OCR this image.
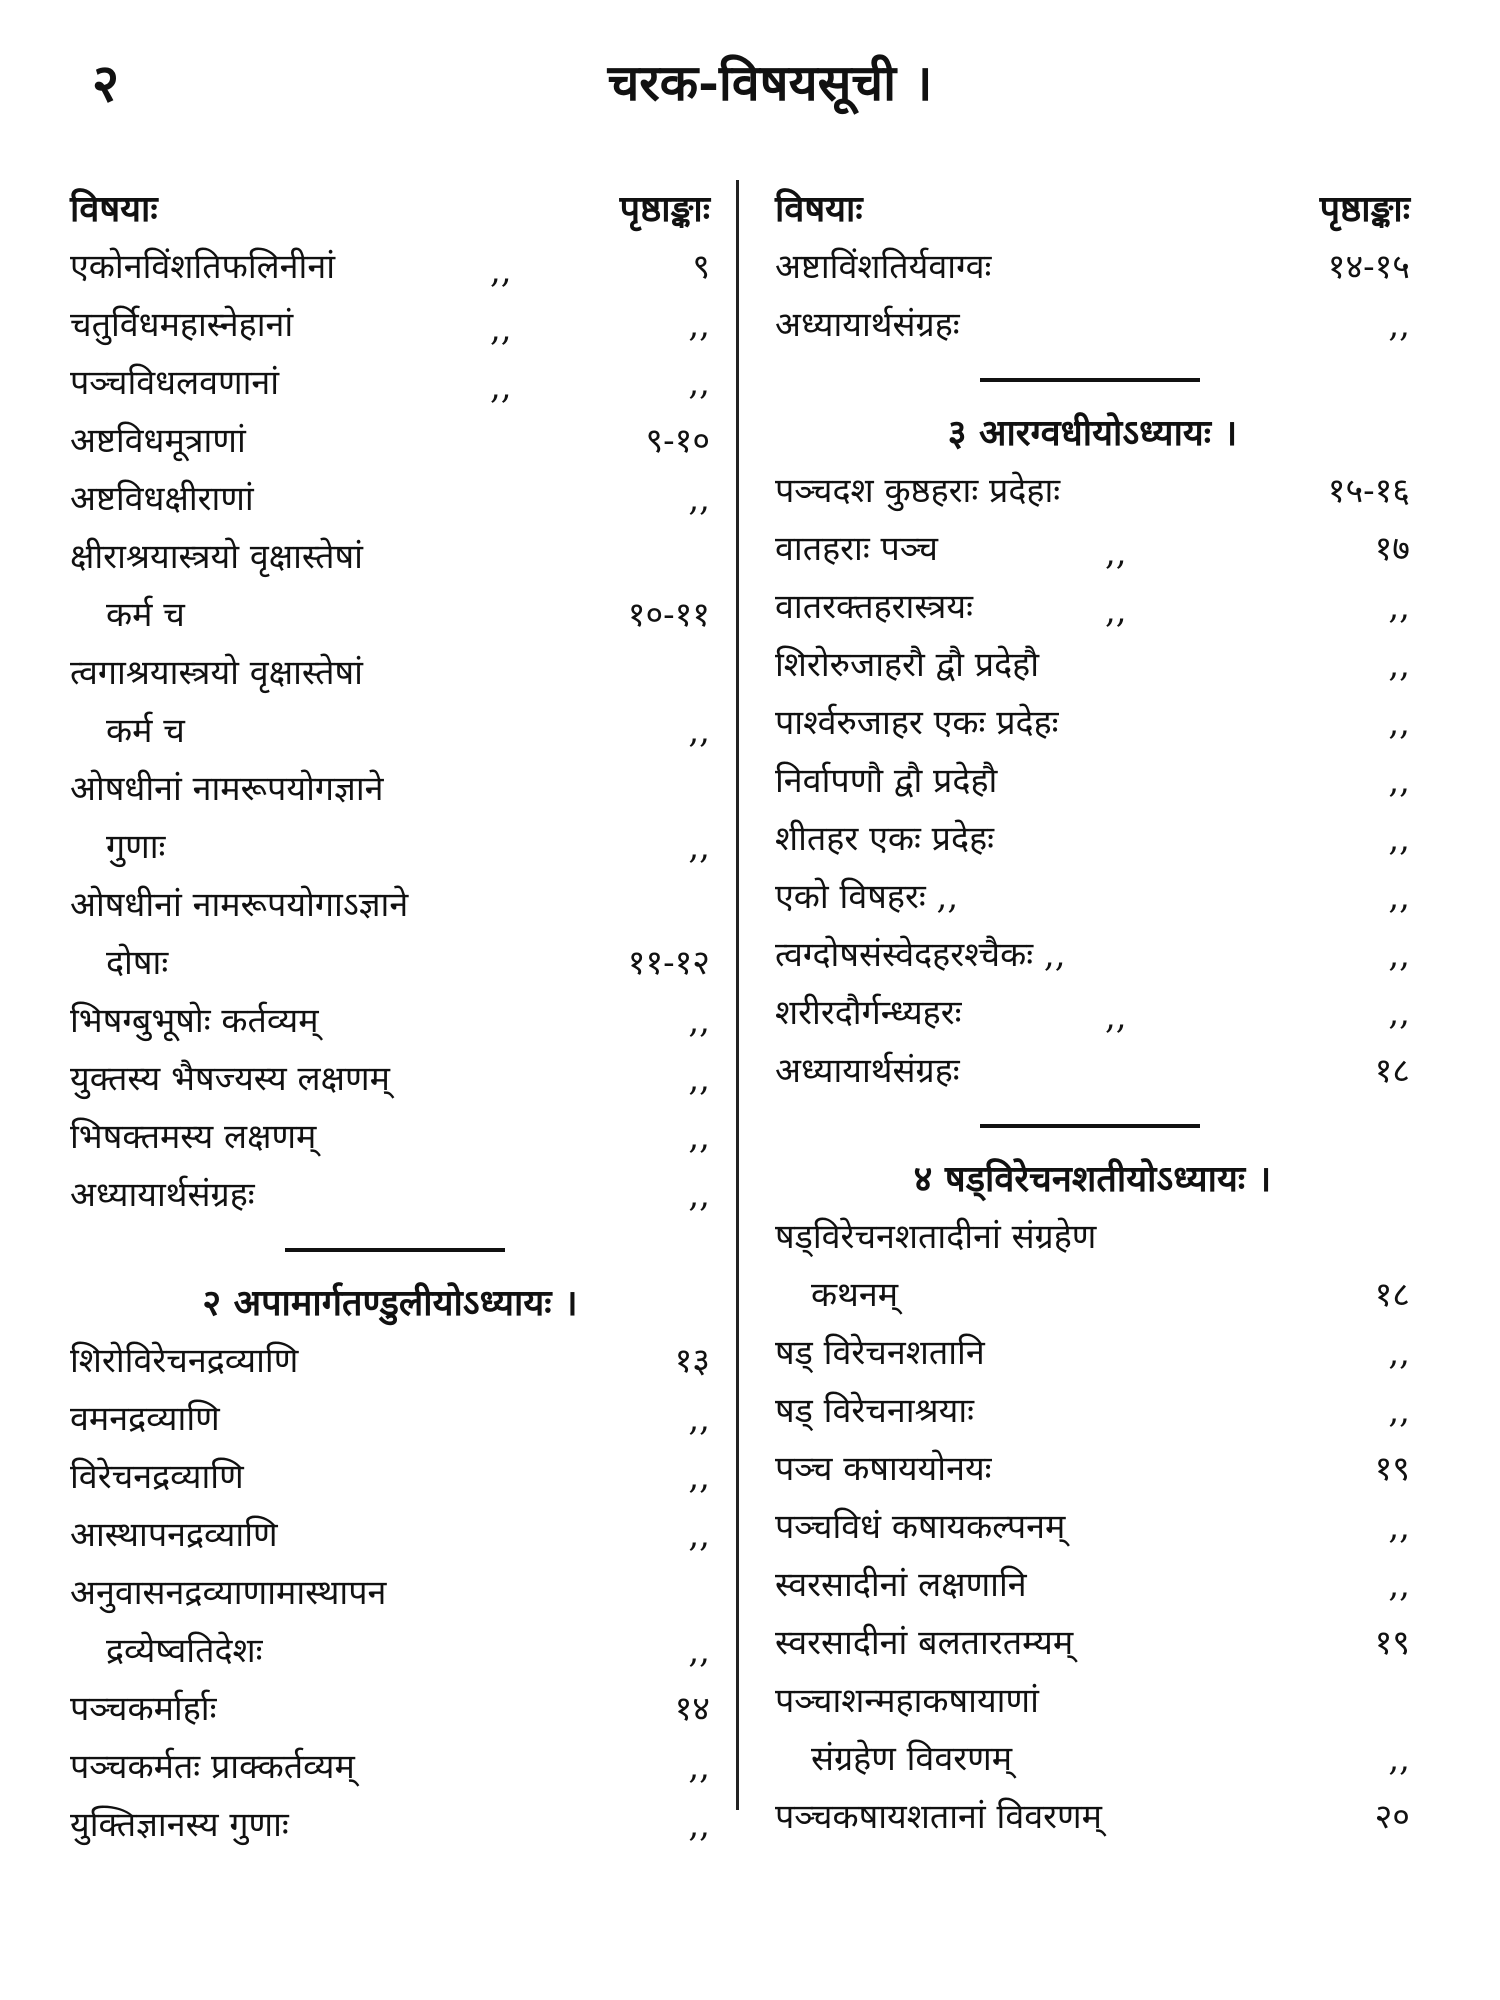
२	चरक-विषयसूची ।
विषयाः	पृष्ठाङ्काः
एकोनविंशतिफलिनीनां	,,	९
चतुर्विधमहास्नेहानां	,,	,,
पञ्चविधलवणानां	,,	,,
अष्टविधमूत्राणां	९-१०
अष्टविधक्षीराणां	,,
क्षीराश्रयास्त्रयो वृक्षास्तेषां
कर्म च	१०-११
त्वगाश्रयास्त्रयो वृक्षास्तेषां
कर्म च	,,
ओषधीनां नामरूपयोगज्ञाने
गुणाः	,,
ओषधीनां नामरूपयोगाऽज्ञाने
दोषाः	११-१२
भिषग्बुभूषोः कर्तव्यम्	,,
युक्तस्य भैषज्यस्य लक्षणम्	,,
भिषक्तमस्य लक्षणम्	,,
अध्यायार्थसंग्रहः	,,
२ अपामार्गतण्डुलीयोऽध्यायः ।
शिरोविरेचनद्रव्याणि	१३
वमनद्रव्याणि	,,
विरेचनद्रव्याणि	,,
आस्थापनद्रव्याणि	,,
अनुवासनद्रव्याणामास्थापन
द्रव्येष्वतिदेशः	,,
पञ्चकर्मार्हाः	१४
पञ्चकर्मतः प्राक्कर्तव्यम्	,,
युक्तिज्ञानस्य गुणाः	,,
विषयाः	पृष्ठाङ्काः
अष्टाविंशतिर्यवाग्वः	१४-१५
अध्यायार्थसंग्रहः	,,
३ आरग्वधीयोऽध्यायः ।
पञ्चदश कुष्ठहराः प्रदेहाः	१५-१६
वातहराः पञ्च	,,	१७
वातरक्तहरास्त्रयः	,,	,,
शिरोरुजाहरौ द्वौ प्रदेहौ	,,
पार्श्वरुजाहर एकः प्रदेहः	,,
निर्वापणौ द्वौ प्रदेहौ	,,
शीतहर एकः प्रदेहः	,,
एको विषहरः ,,	,,
त्वग्दोषसंस्वेदहरश्चैकः ,,	,,
शरीरदौर्गन्ध्यहरः	,,	,,
अध्यायार्थसंग्रहः	१८
४ षड्विरेचनशतीयोऽध्यायः ।
षड्विरेचनशतादीनां संग्रहेण
कथनम्	१८
षड् विरेचनशतानि	,,
षड् विरेचनाश्रयाः	,,
पञ्च कषाययोनयः	१९
पञ्चविधं कषायकल्पनम्	,,
स्वरसादीनां लक्षणानि	,,
स्वरसादीनां बलतारतम्यम्	१९
पञ्चाशन्महाकषायाणां
संग्रहेण विवरणम्	,,
पञ्चकषायशतानां विवरणम्	२०
